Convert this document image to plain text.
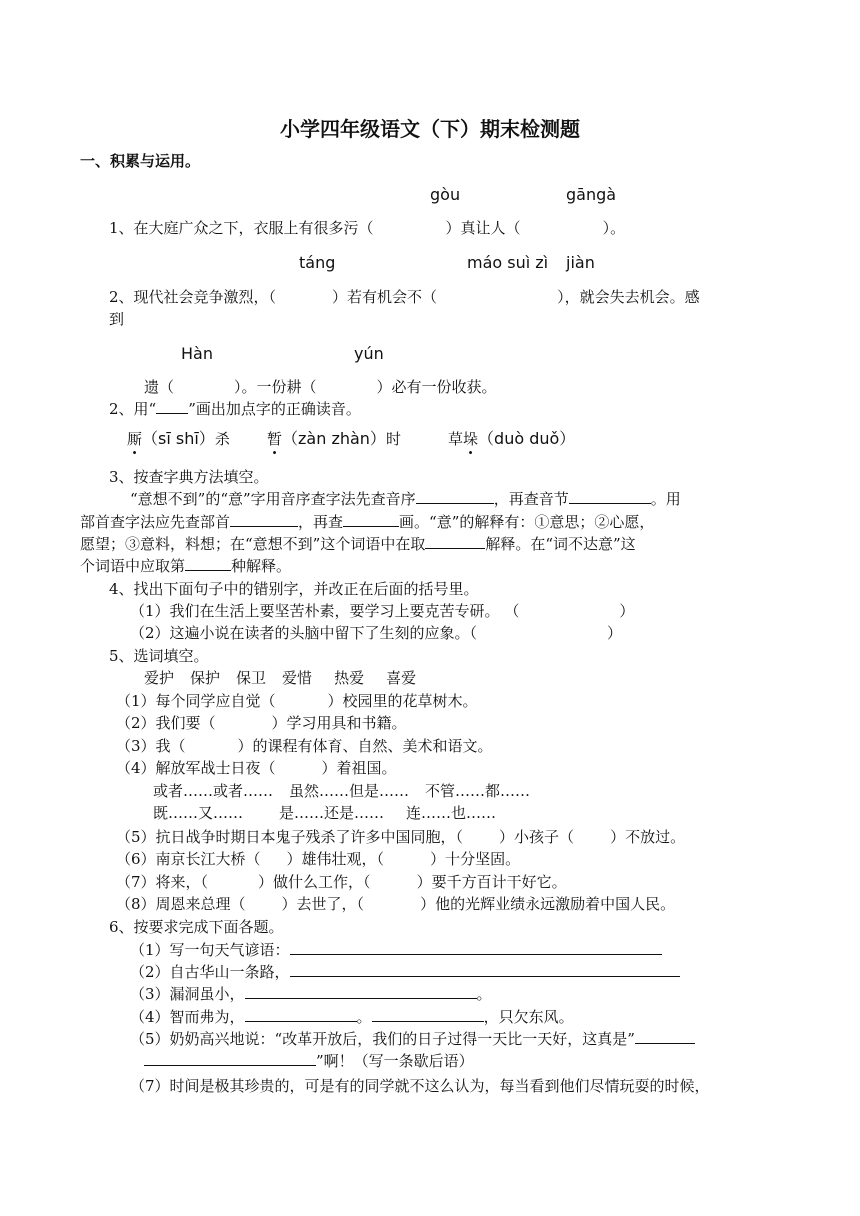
小学四年级语文（下）期末检测题
一、积累与运用。
gòu	gāngà
1、在大庭广众之下，衣服上有很多污（	）真让人（	）。
táng	máo suì zì jiàn
2、现代社会竞争激烈，（	）若有机会不（	），就会失去机会。感
到
Hàn	yún
遗（	）。一份耕（	）必有一份收获。
2、用“ ”画出加点字的正确读音。
厮（sī shī）杀 暂（zàn zhàn）时	草垛（duò duǒ）
3、按查字典方法填空。
“意想不到”的“意”字用音序查字法先查音序	，再查音节	。用
部首查字法应先查部首	，再查	画。“意”的解释有：①意思；②心愿，
愿望；③意料，料想；在“意想不到”这个词语中在取	解释。在“词不达意”这
个词语中应取第	种解释。
4、找出下面句子中的错别字，并改正在后面的括号里。
（1）我们在生活上要坚苦朴素，要学习上要克苦专研。 （	）
（2）这遍小说在读者的头脑中留下了生刻的应象。（	）
5、选词填空。
爱护 保护 保卫 爱惜 热爱 喜爱
（1）每个同学应自觉（	）校园里的花草树木。
（2）我们要（	）学习用具和书籍。
（3）我（	）的课程有体育、自然、美术和语文。
（4）解放军战士日夜（	）着祖国。
或者……或者…… 虽然……但是…… 不管……都……
既……又…… 是……还是…… 连……也……
（5）抗日战争时期日本鬼子残杀了许多中国同胞，（ ）小孩子（ ）不放过。
（6）南京长江大桥（ ）雄伟壮观，（	）十分坚固。
（7）将来，（	）做什么工作，（	）要千方百计干好它。
（8）周恩来总理（ ）去世了，（	）他的光辉业绩永远激励着中国人民。
6、按要求完成下面各题。
（1）写一句天气谚语：
（2）自古华山一条路，
（3）漏洞虽小，	。
（4）智而弗为，	。	，只欠东风。
（5）奶奶高兴地说：“改革开放后，我们的日子过得一天比一天好，这真是”
”啊！（写一条歇后语）
（7）时间是极其珍贵的，可是有的同学就不这么认为，每当看到他们尽情玩耍的时候，
